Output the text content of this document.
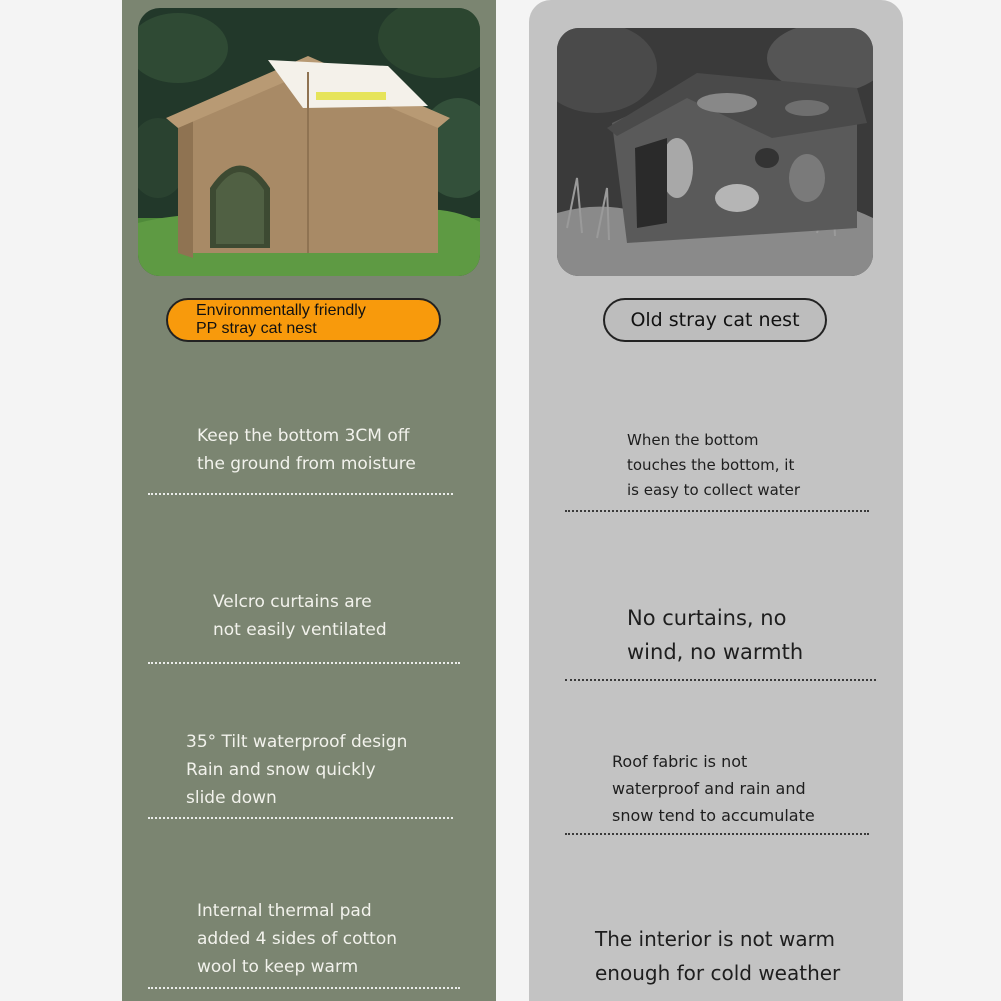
Environmentally friendly
PP stray cat nest
Keep the bottom 3CM off
the ground from moisture
Velcro curtains are
not easily ventilated
35° Tilt waterproof design
Rain and snow quickly
slide down
Internal thermal pad
added 4 sides of cotton
wool to keep warm
Old stray cat nest
When the bottom
touches the bottom, it
is easy to collect water
No curtains, no
wind, no warmth
Roof fabric is not
waterproof and rain and
snow tend to accumulate
The interior is not warm
enough for cold weather
